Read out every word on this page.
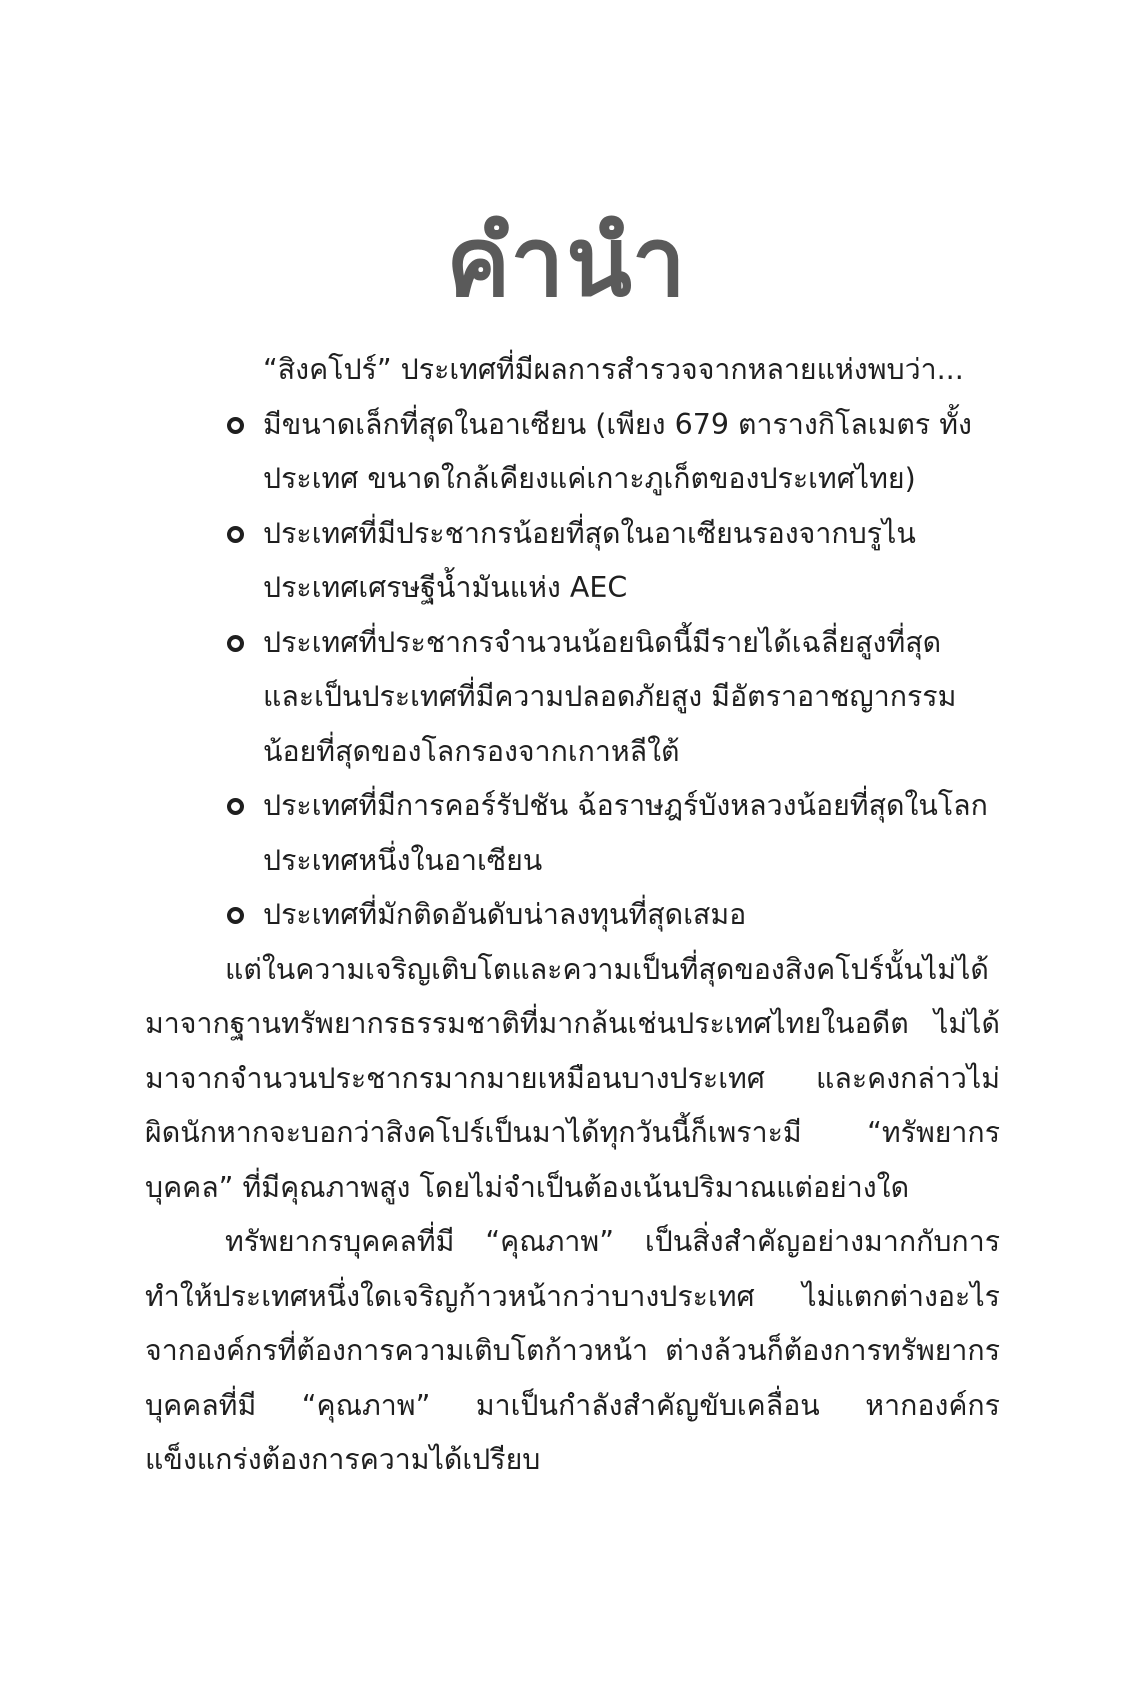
คำนำ
“สิงคโปร์” ประเทศที่มีผลการสำรวจจากหลายแห่งพบว่า...
มีขนาดเล็กที่สุดในอาเซียน (เพียง 679 ตารางกิโลเมตร ทั้งประเทศ ขนาดใกล้เคียงแค่เกาะภูเก็ตของประเทศไทย)
ประเทศที่มีประชากรน้อยที่สุดในอาเซียนรองจากบรูไน ประเทศเศรษฐีน้ำมันแห่ง AEC
ประเทศที่ประชากรจำนวนน้อยนิดนี้มีรายได้เฉลี่ยสูงที่สุด และเป็นประเทศที่มีความปลอดภัยสูง มีอัตราอาชญากรรมน้อยที่สุดของโลกรองจากเกาหลีใต้
ประเทศที่มีการคอร์รัปชัน ฉ้อราษฎร์บังหลวงน้อยที่สุดในโลกประเทศหนึ่งในอาเซียน
ประเทศที่มักติดอันดับน่าลงทุนที่สุดเสมอ

แต่ในความเจริญเติบโตและความเป็นที่สุดของสิงคโปร์นั้นไม่ได้มาจากฐานทรัพยากรธรรมชาติที่มากล้นเช่นประเทศไทยในอดีต ไม่ได้มาจากจำนวนประชากรมากมายเหมือนบางประเทศ และคงกล่าวไม่ผิดนักหากจะบอกว่าสิงคโปร์เป็นมาได้ทุกวันนี้ก็เพราะมี “ทรัพยากรบุคคล” ที่มีคุณภาพสูง โดยไม่จำเป็นต้องเน้นปริมาณแต่อย่างใด

ทรัพยากรบุคคลที่มี “คุณภาพ” เป็นสิ่งสำคัญอย่างมากกับการทำให้ประเทศหนึ่งใดเจริญก้าวหน้ากว่าบางประเทศ ไม่แตกต่างอะไรจากองค์กรที่ต้องการความเติบโตก้าวหน้า ต่างล้วนก็ต้องการทรัพยากรบุคคลที่มี “คุณภาพ” มาเป็นกำลังสำคัญขับเคลื่อน หากองค์กรแข็งแกร่งต้องการความได้เปรียบ
